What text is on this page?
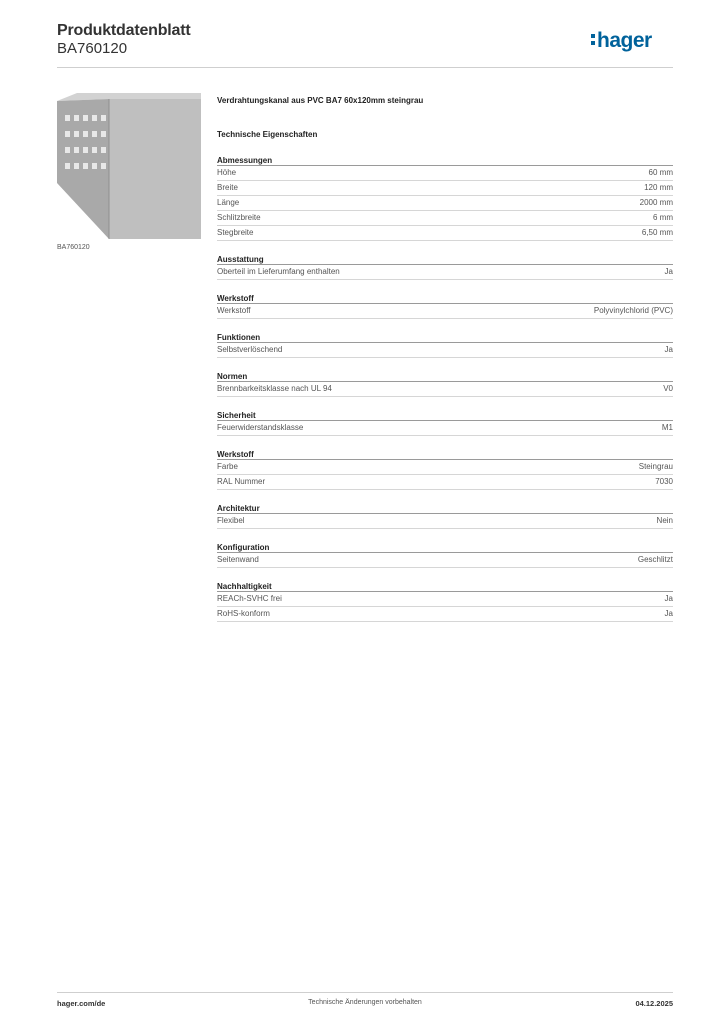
Produktdatenblatt
BA760120	hager
BA760120
Verdrahtungskanal aus PVC BA7 60x120mm steingrau
Technische Eigenschaften
Abmessungen
Höhe	60 mm
Breite	120 mm
Länge	2000 mm
Schlitzbreite	6 mm
Stegbreite	6,50 mm
Ausstattung
Oberteil im Lieferumfang enthalten	Ja
Werkstoff
Werkstoff	Polyvinylchlorid (PVC)
Funktionen
Selbstverlöschend	Ja
Normen
Brennbarkeitsklasse nach UL 94	V0
Sicherheit
Feuerwiderstandsklasse	M1
Werkstoff
Farbe	Steingrau
RAL Nummer	7030
Architektur
Flexibel	Nein
Konfiguration
Seitenwand	Geschlitzt
Nachhaltigkeit
REACh-SVHC frei	Ja
RoHS-konform	Ja
Technische Änderungen vorbehalten
hager.com/de	04.12.2025
